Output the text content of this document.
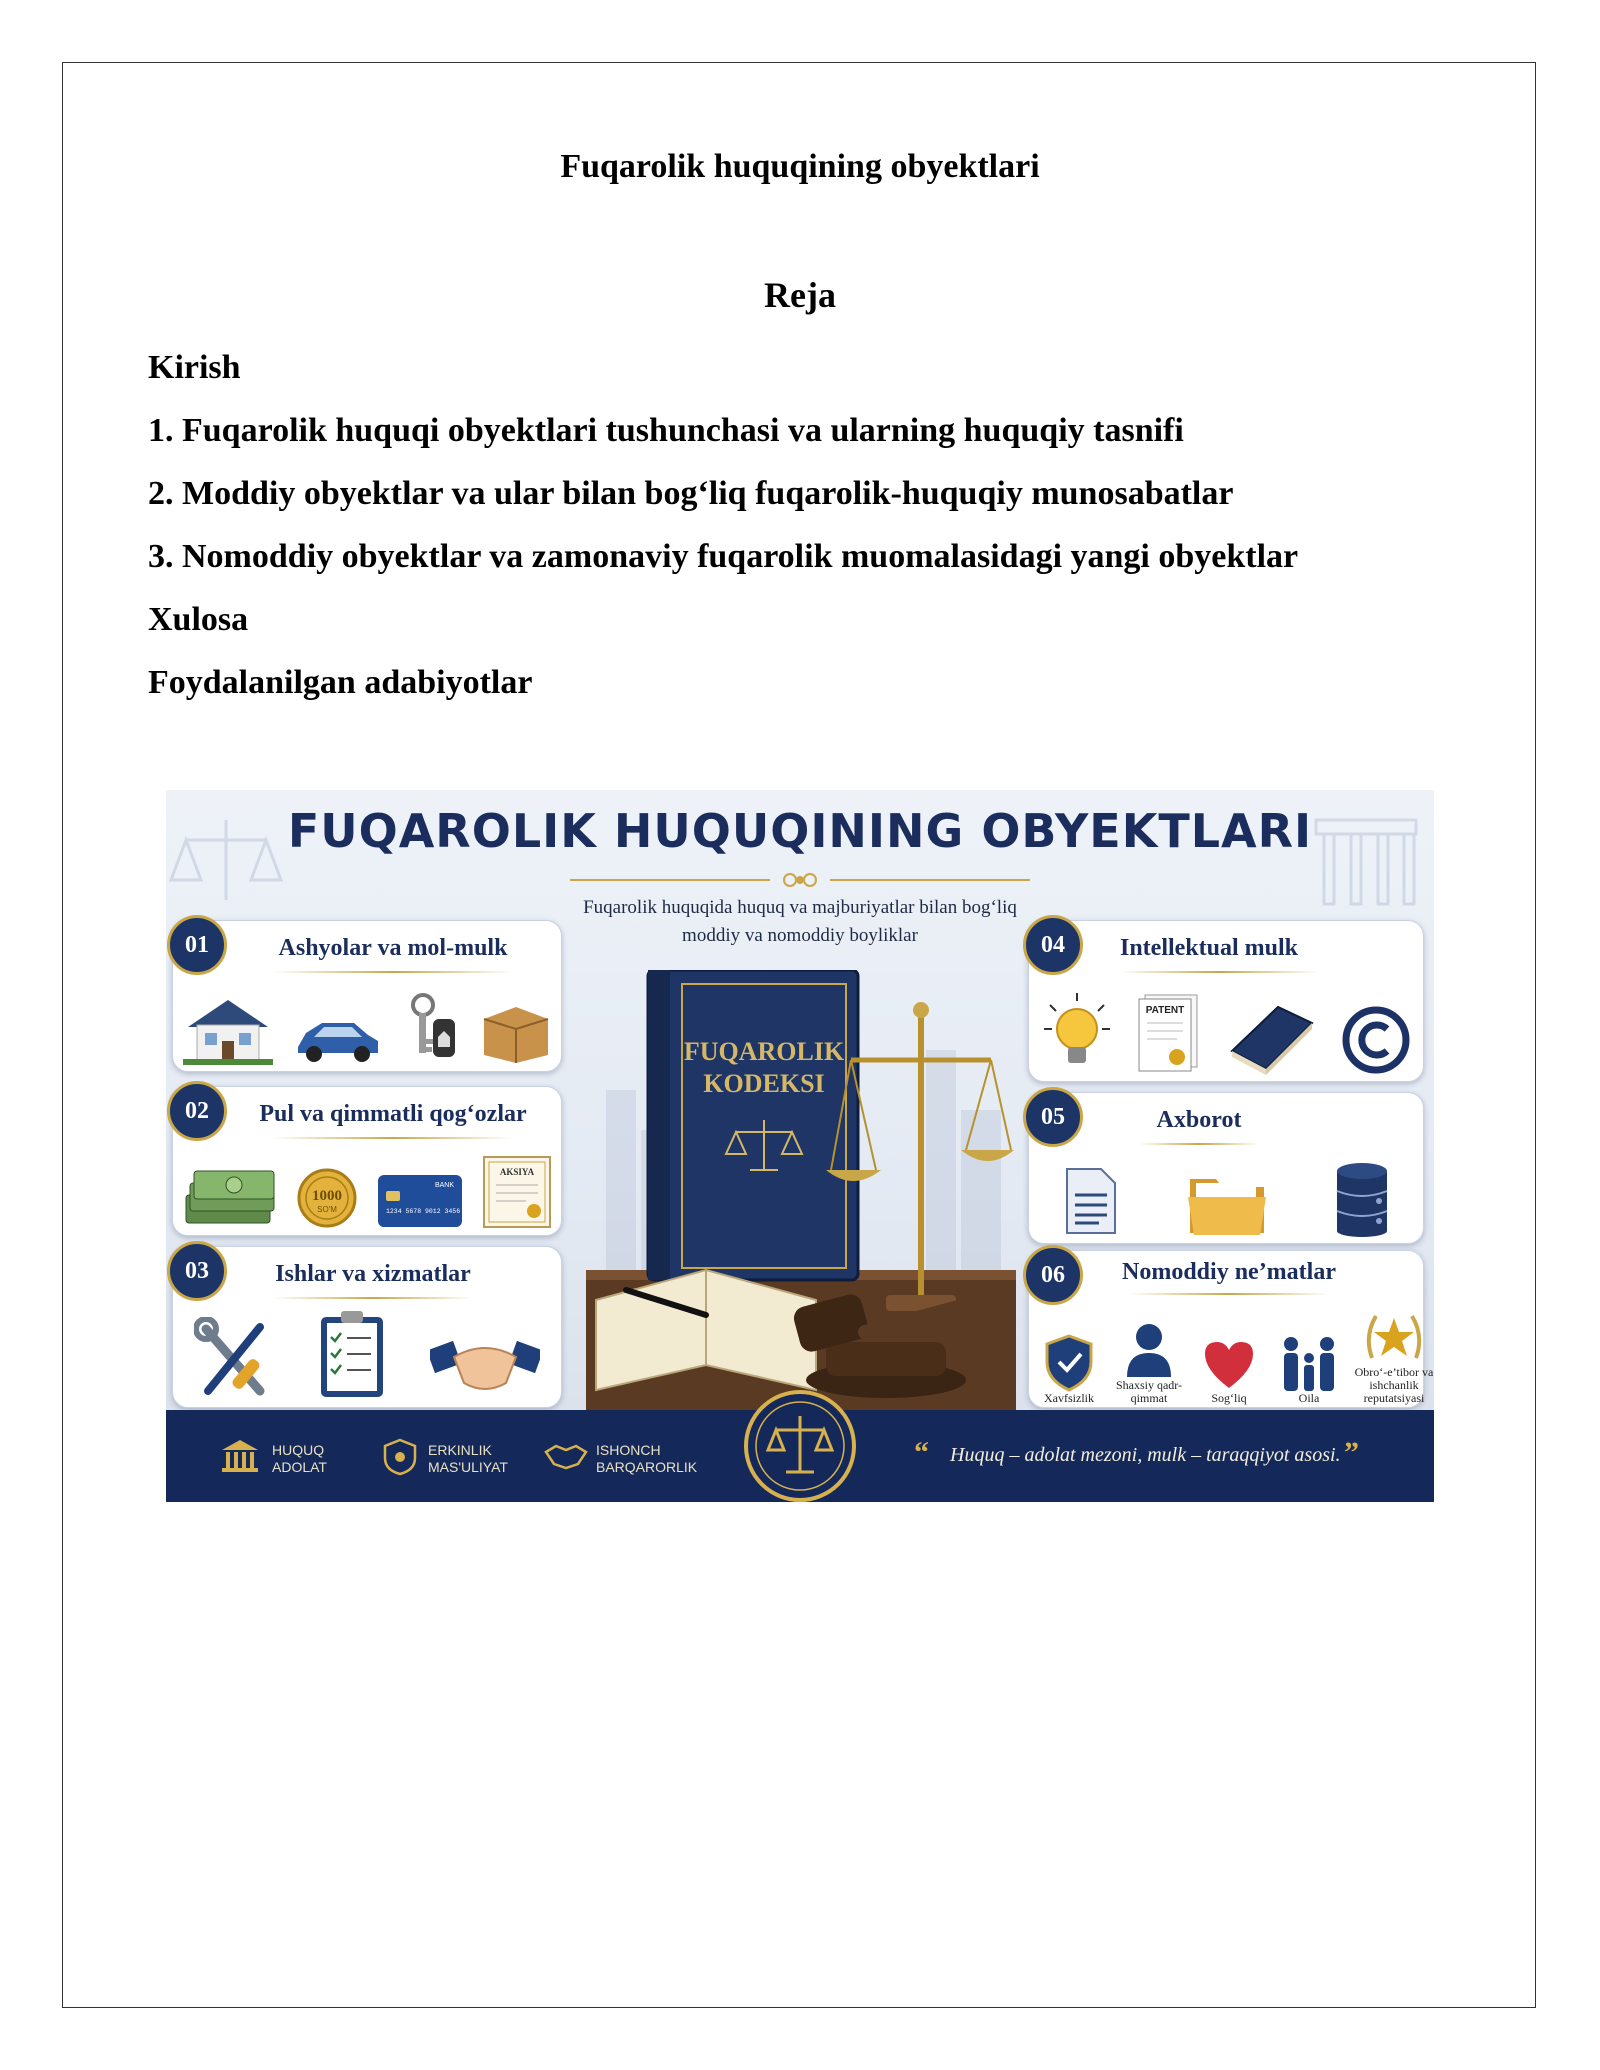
Fuqarolik huquqining obyektlari
Reja
Kirish
1. Fuqarolik huquqi obyektlari tushunchasi va ularning huquqiy tasnifi
2. Moddiy obyektlar va ular bilan bog‘liq fuqarolik-huquqiy munosabatlar
3. Nomoddiy obyektlar va zamonaviy fuqarolik muomalasidagi yangi obyektlar
Xulosa
Foydalanilgan adabiyotlar
FUQAROLIK HUQUQINING OBYEKTLARI
Fuqarolik huquqida huquq va majburiyatlar bilan bog‘liq
moddiy va nomoddiy boyliklar
FUQAROLIK
KODEKSI
01	Ashyolar va mol-mulk
02	Pul va qimmatli qog‘ozlar
1000
SO'M
BANK
1234 5678 9012 3456
AKSIYA
03	Ishlar va xizmatlar
04	Intellektual mulk
PATENT
05	Axborot
06	Nomoddiy ne’matlar
Xavfsizlik
Shaxsiy qadr-qimmat	Sog‘liq	Oila
Obro‘-e’tibor va ishchanlik reputatsiyasi
HUQUQ
ADOLAT
ERKINLIK
MAS'ULIYAT
ISHONCH
BARQARORLIK	“ Huquq – adolat mezoni, mulk – taraqqiyot asosi. ”
